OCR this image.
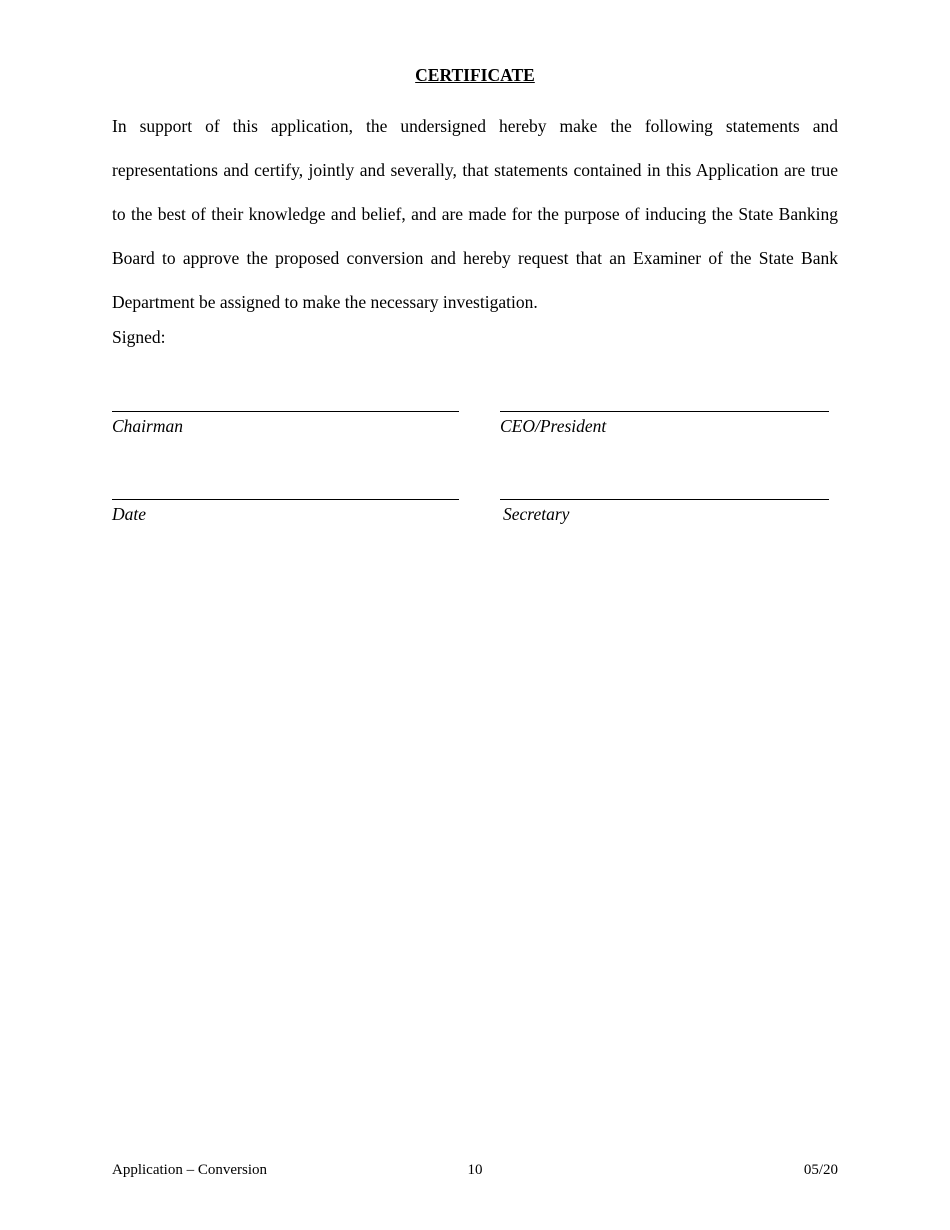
CERTIFICATE

In support of this application, the undersigned hereby make the following statements and representations and certify, jointly and severally, that statements contained in this Application are true to the best of their knowledge and belief, and are made for the purpose of inducing the State Banking Board to approve the proposed conversion and hereby request that an Examiner of the State Bank Department be assigned to make the necessary investigation.

Signed:
Chairman	CEO/President
Date	Secretary
Application – Conversion	10	05/20
